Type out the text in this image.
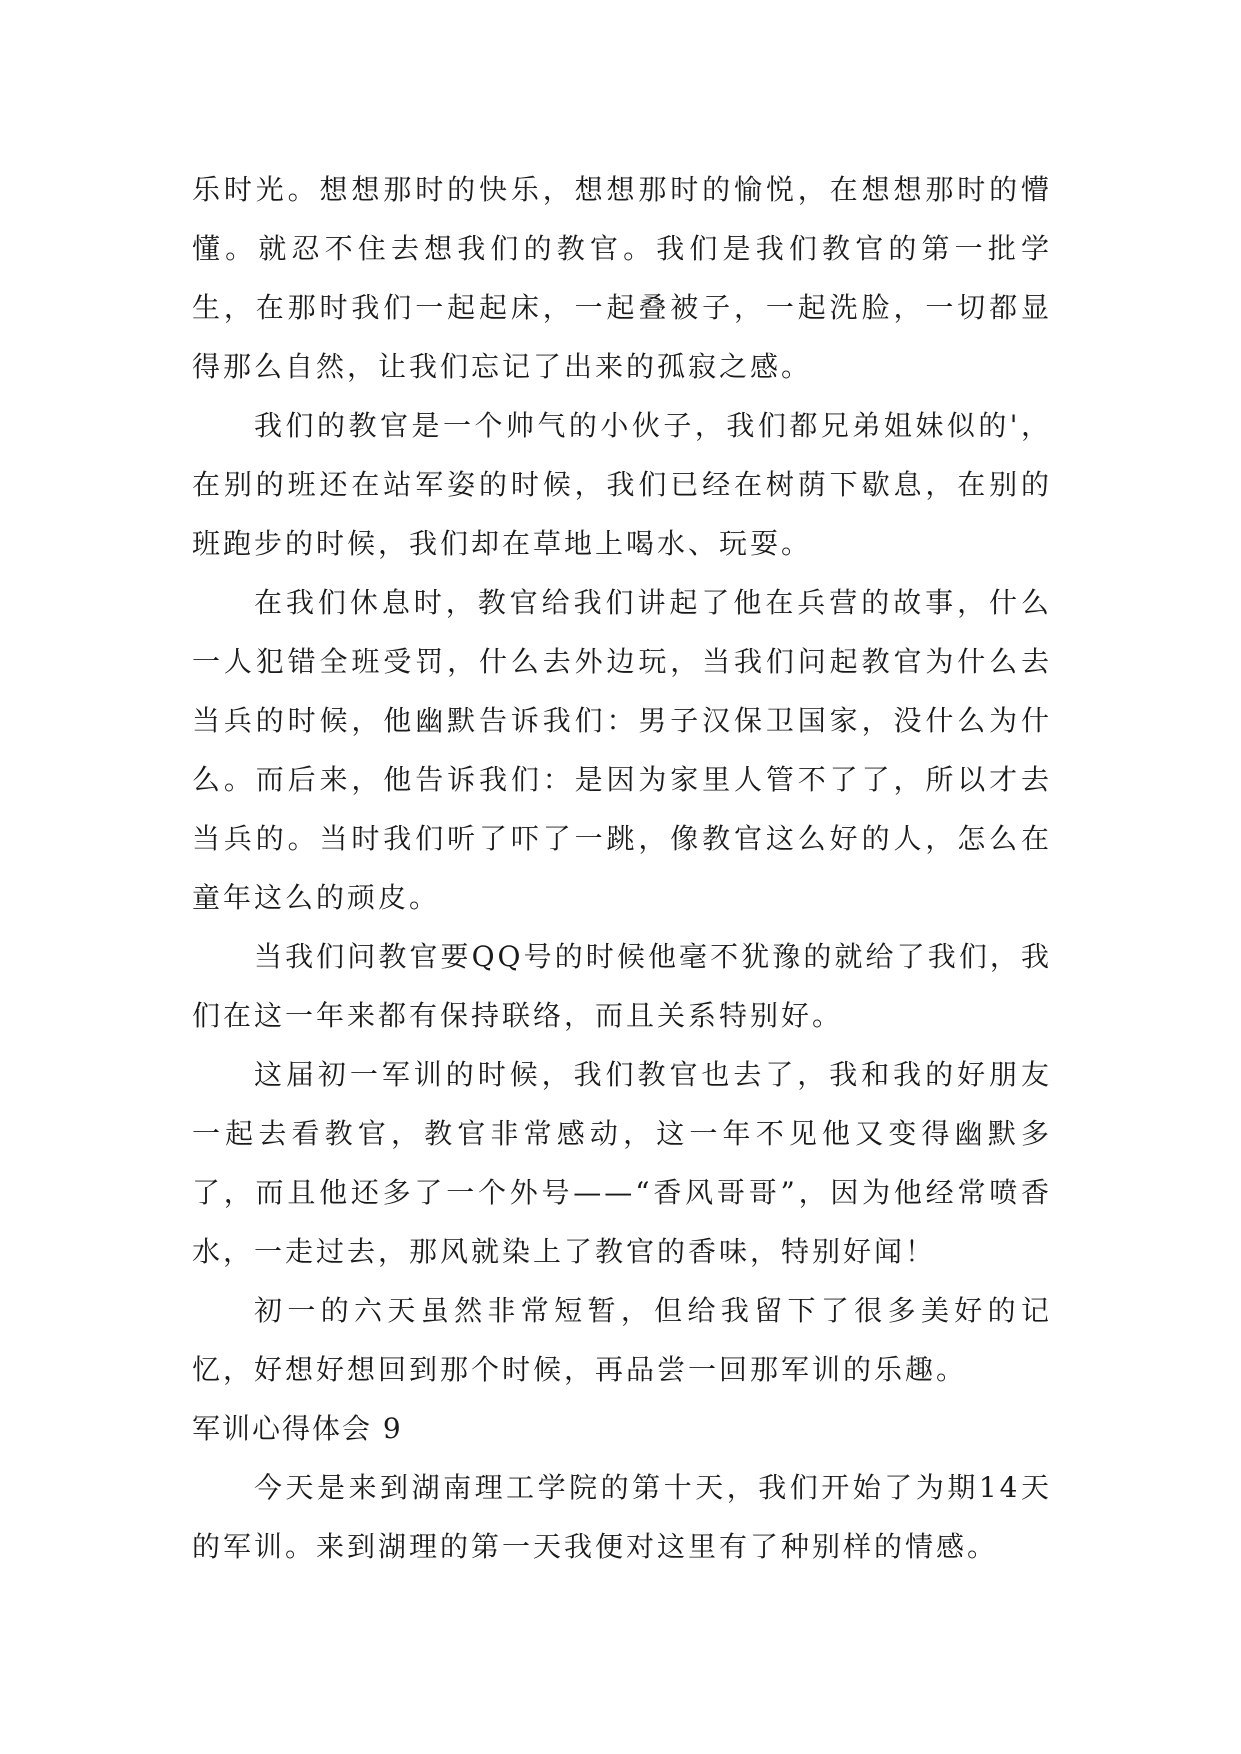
乐时光。想想那时的快乐，想想那时的愉悦，在想想那时的懵懂。就忍不住去想我们的教官。我们是我们教官的第一批学生，在那时我们一起起床，一起叠被子，一起洗脸，一切都显得那么自然，让我们忘记了出来的孤寂之感。

我们的教官是一个帅气的小伙子，我们都兄弟姐妹似的'，在别的班还在站军姿的时候，我们已经在树荫下歇息，在别的班跑步的时候，我们却在草地上喝水、玩耍。

在我们休息时，教官给我们讲起了他在兵营的故事，什么一人犯错全班受罚，什么去外边玩，当我们问起教官为什么去当兵的时候，他幽默告诉我们：男子汉保卫国家，没什么为什么。而后来，他告诉我们：是因为家里人管不了了，所以才去当兵的。当时我们听了吓了一跳，像教官这么好的人，怎么在童年这么的顽皮。

当我们问教官要QQ号的时候他毫不犹豫的就给了我们，我们在这一年来都有保持联络，而且关系特别好。

这届初一军训的时候，我们教官也去了，我和我的好朋友一起去看教官，教官非常感动，这一年不见他又变得幽默多了，而且他还多了一个外号——“香风哥哥”，因为他经常喷香水，一走过去，那风就染上了教官的香味，特别好闻！

初一的六天虽然非常短暂，但给我留下了很多美好的记忆，好想好想回到那个时候，再品尝一回那军训的乐趣。

军训心得体会 9

今天是来到湖南理工学院的第十天，我们开始了为期14天的军训。来到湖理的第一天我便对这里有了种别样的情感。
